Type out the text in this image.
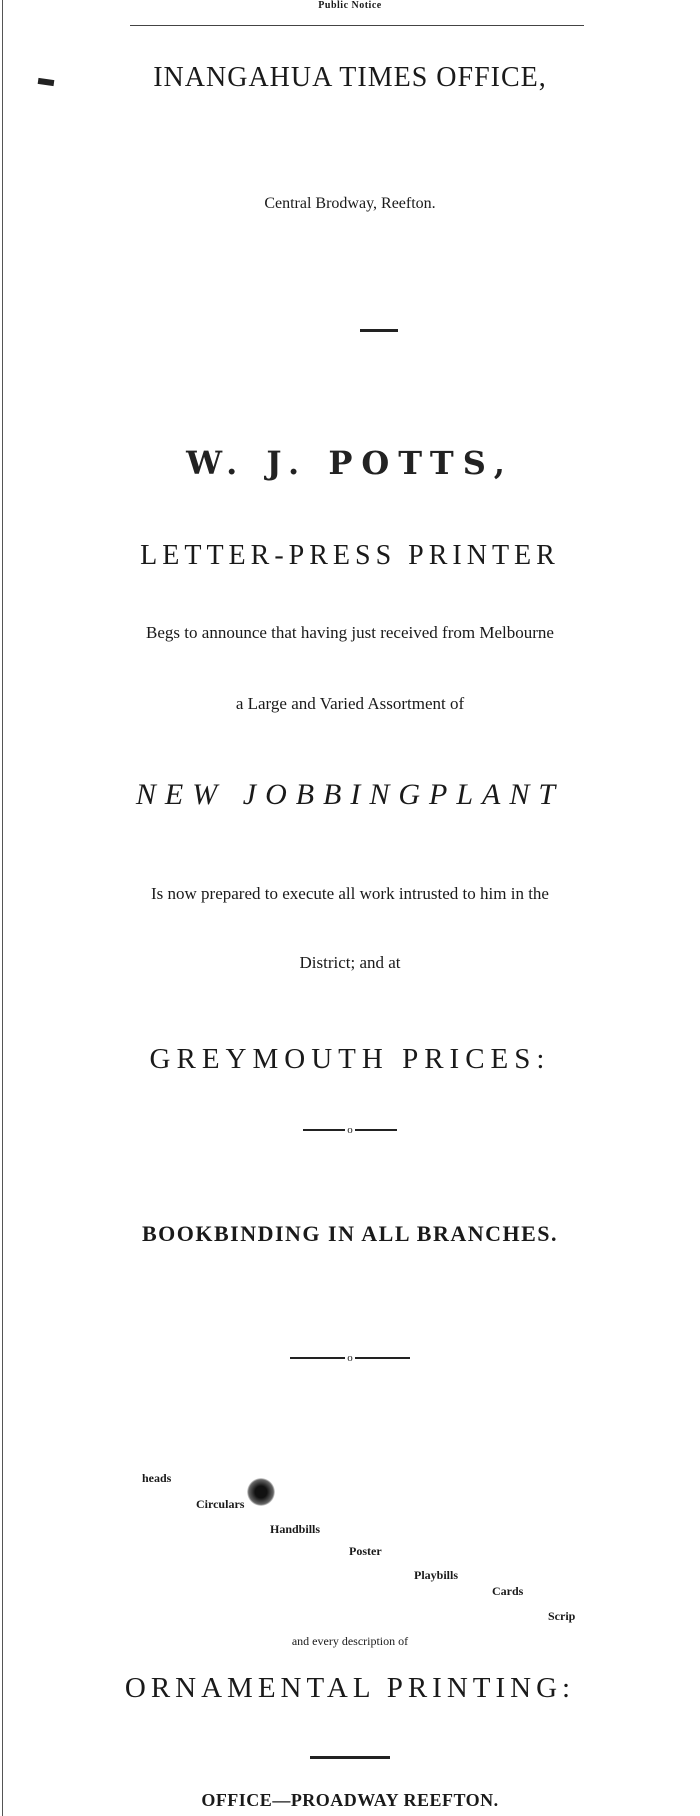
Public Notice
INANGAHUA TIMES OFFICE,
Central Brodway, Reefton.
W. J. POTTS,
LETTER-PRESS PRINTER
Begs to announce that having just received from Melbourne
a Large and Varied Assortment of
NEW JOBBINGPLANT
Is now prepared to execute all work intrusted to him in the
District; and at
GREYMOUTH PRICES:
o
BOOKBINDING IN ALL BRANCHES.
o
heads
Circulars
Handbills
Poster
Playbills
Cards
Scrip
and every description of
ORNAMENTAL PRINTING:
OFFICE—PROADWAY REEFTON.
